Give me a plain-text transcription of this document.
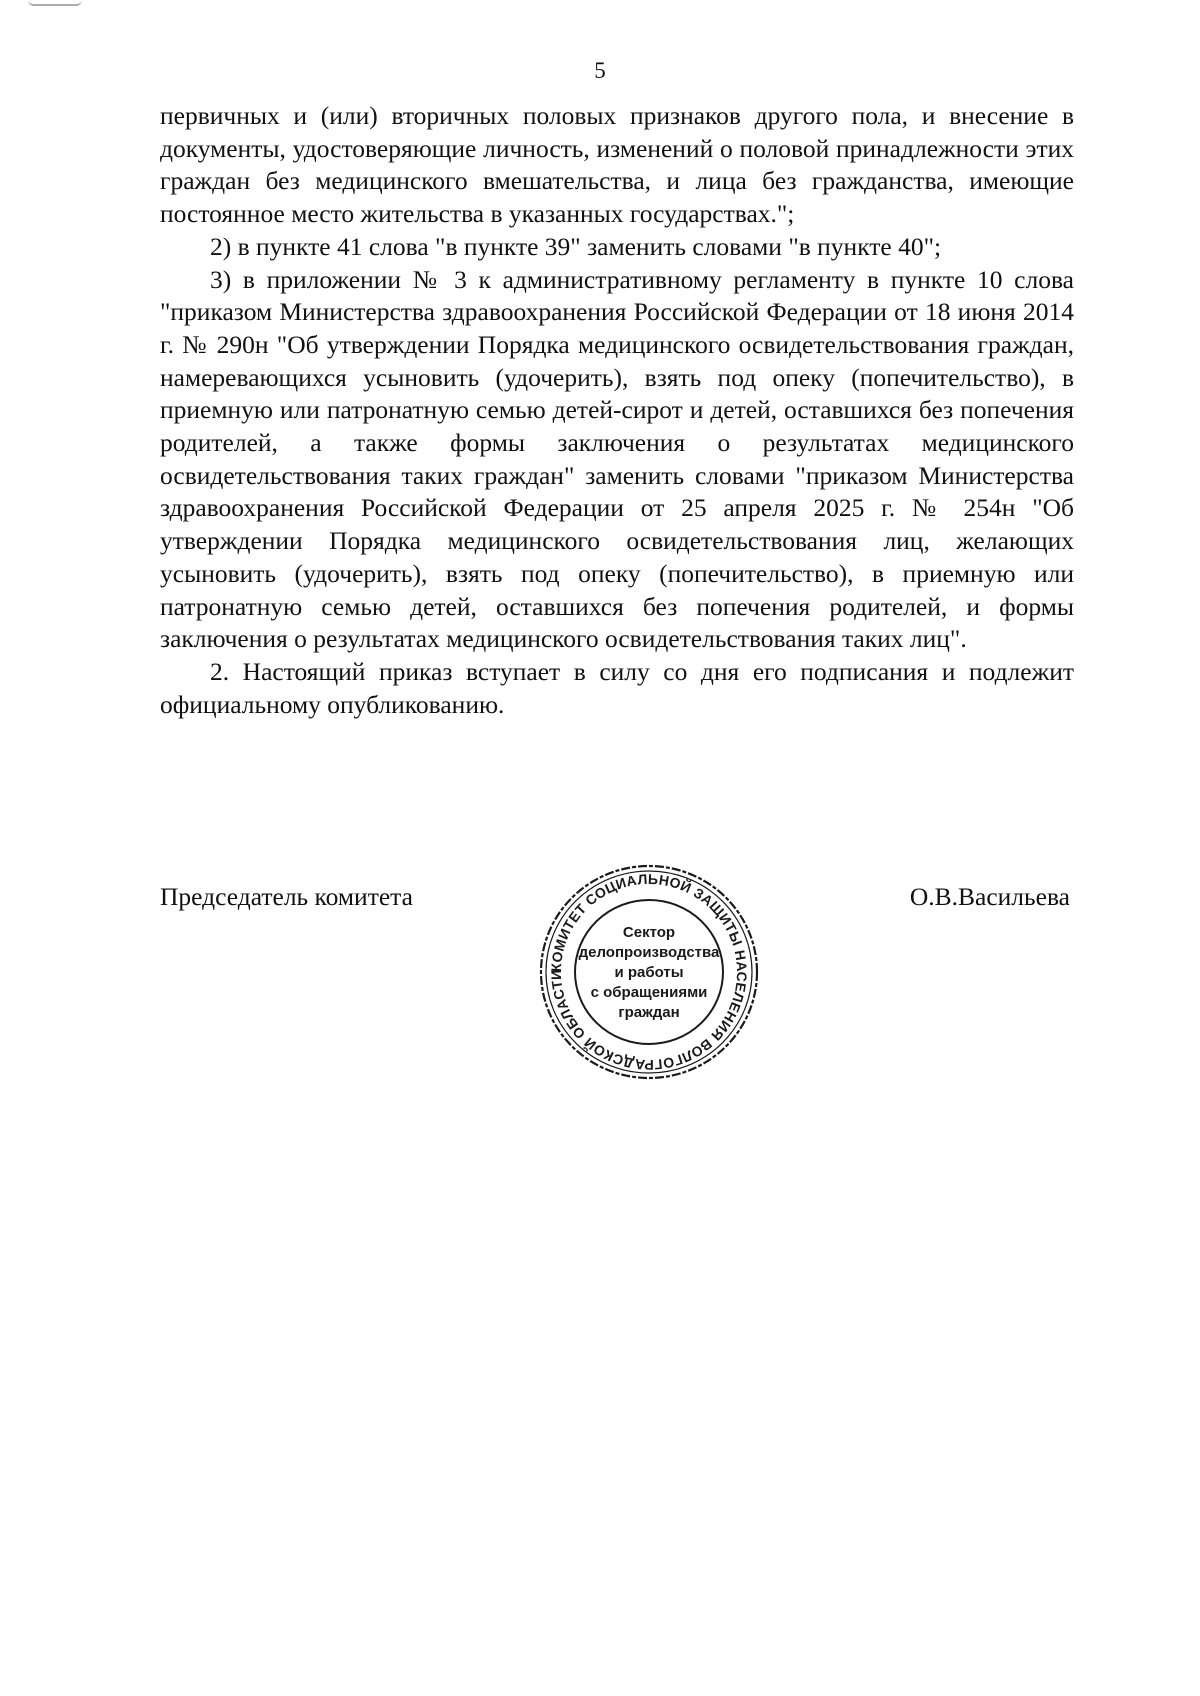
5

первичных и (или) вторичных половых признаков другого пола, и внесение в документы, удостоверяющие личность, изменений о половой принадлежности этих граждан без медицинского вмешательства, и лица без гражданства, имеющие постоянное место жительства в указанных государствах.";

2) в пункте 41 слова "в пункте 39" заменить словами "в пункте 40";

3) в приложении № 3 к административному регламенту в пункте 10 слова "приказом Министерства здравоохранения Российской Федерации от 18 июня 2014 г. № 290н "Об утверждении Порядка медицинского освидетельствования граждан, намеревающихся усыновить (удочерить), взять под опеку (попечительство), в приемную или патронатную семью детей-сирот и детей, оставшихся без попечения родителей, а также формы заключения о результатах медицинского освидетельствования таких граждан" заменить словами "приказом Министерства здравоохранения Российской Федерации от 25 апреля 2025 г. № 254н "Об утверждении Порядка медицинского освидетельствования лиц, желающих усыновить (удочерить), взять под опеку (попечительство), в приемную или патронатную семью детей, оставшихся без попечения родителей, и формы заключения о результатах медицинского освидетельствования таких лиц".

2. Настоящий приказ вступает в силу со дня его подписания и подлежит официальному опубликованию.

Председатель комитета	О.В.Васильева
КОМИТЕТ СОЦИАЛЬНОЙ ЗАЩИТЫ НАСЕЛЕНИЯ ВОЛГОГРАДСКОЙ ОБЛАСТИ
Сектор
делопроизводства
и работы
с обращениями
граждан
